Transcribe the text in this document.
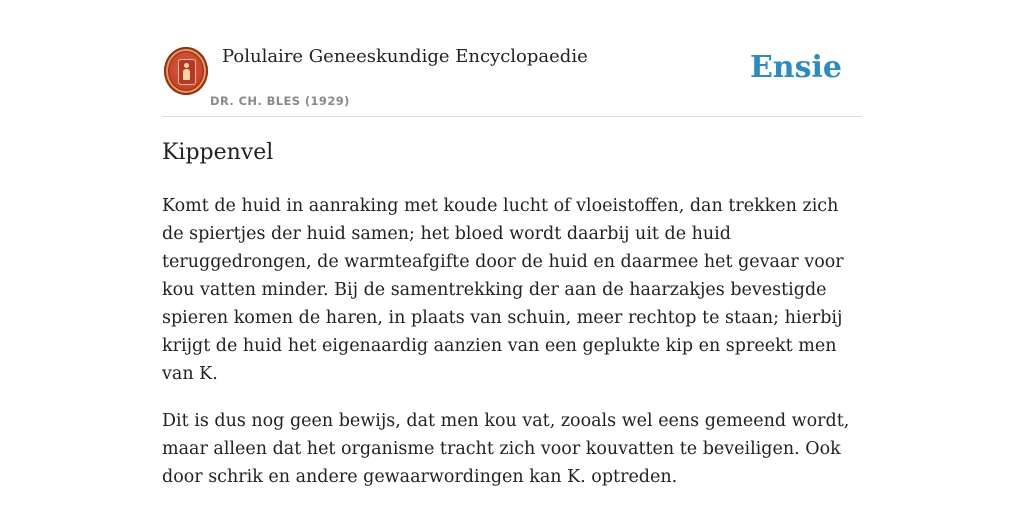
Polulaire Geneeskundige Encyclopaedie
DR. CH. BLES (1929)
Ensie
Kippenvel

Komt de huid in aanraking met koude lucht of vloeistoffen, dan trekken zich de spiertjes der huid samen; het bloed wordt daarbij uit de huid teruggedrongen, de warmteafgifte door de huid en daarmee het gevaar voor kou vatten minder. Bij de samentrekking der aan de haarzakjes bevestigde spieren komen de haren, in plaats van schuin, meer rechtop te staan; hierbij krijgt de huid het eigenaardig aanzien van een geplukte kip en spreekt men van K.

Dit is dus nog geen bewijs, dat men kou vat, zooals wel eens gemeend wordt, maar alleen dat het organisme tracht zich voor kouvatten te beveiligen. Ook door schrik en andere gewaarwordingen kan K. optreden.
